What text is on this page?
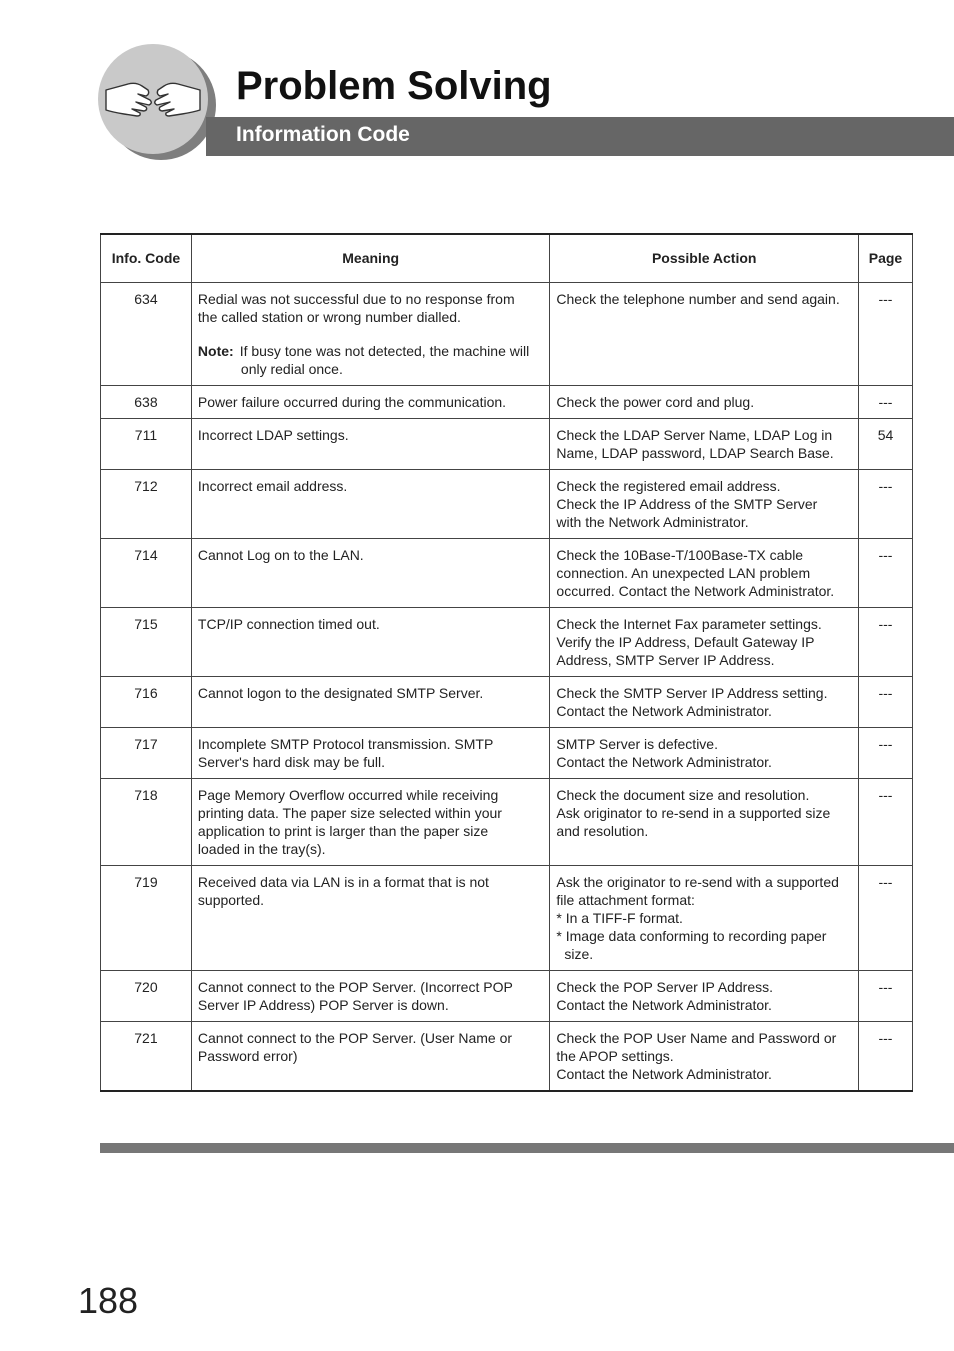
Problem Solving
Information Code
Info. Code	Meaning	Possible Action	Page
634	Redial was not successful due to no response from
the called station or wrong number dialled.
Note: If busy tone was not detected, the machine will
only redial once.	Check the telephone number and send again.	---
638	Power failure occurred during the communication.	Check the power cord and plug.	---
711	Incorrect LDAP settings.	Check the LDAP Server Name, LDAP Log in
Name, LDAP password, LDAP Search Base.	54
712	Incorrect email address.	Check the registered email address.
Check the IP Address of the SMTP Server
with the Network Administrator.	---
714	Cannot Log on to the LAN.	Check the 10Base-T/100Base-TX cable
connection. An unexpected LAN problem
occurred. Contact the Network Administrator.	---
715	TCP/IP connection timed out.	Check the Internet Fax parameter settings.
Verify the IP Address, Default Gateway IP
Address, SMTP Server IP Address.	---
716	Cannot logon to the designated SMTP Server.	Check the SMTP Server IP Address setting.
Contact the Network Administrator.	---
717	Incomplete SMTP Protocol transmission. SMTP
Server's hard disk may be full.	SMTP Server is defective.
Contact the Network Administrator.	---
718	Page Memory Overflow occurred while receiving
printing data. The paper size selected within your
application to print is larger than the paper size
loaded in the tray(s).	Check the document size and resolution.
Ask originator to re-send in a supported size
and resolution.	---
719	Received data via LAN is in a format that is not
supported.	Ask the originator to re-send with a supported
file attachment format:
* In a TIFF-F format.
* Image data conforming to recording paper
size.	---
720	Cannot connect to the POP Server. (Incorrect POP
Server IP Address) POP Server is down.	Check the POP Server IP Address.
Contact the Network Administrator.	---
721	Cannot connect to the POP Server. (User Name or
Password error)	Check the POP User Name and Password or
the APOP settings.
Contact the Network Administrator.	---

188
